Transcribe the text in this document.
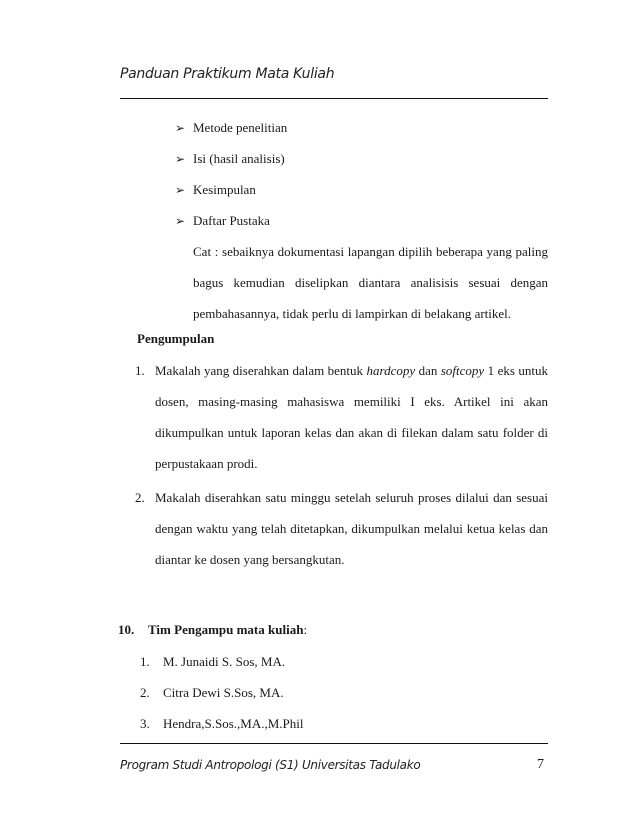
Panduan Praktikum Mata Kuliah
➢ Metode penelitian
➢ Isi (hasil analisis)
➢ Kesimpulan
➢ Daftar Pustaka
Cat : sebaiknya dokumentasi lapangan dipilih beberapa yang paling
bagus kemudian diselipkan diantara analisisis sesuai dengan
pembahasannya, tidak perlu di lampirkan di belakang artikel.
Pengumpulan
1. Makalah yang diserahkan dalam bentuk hardcopy dan softcopy 1 eks untuk
dosen, masing-masing mahasiswa memiliki I eks. Artikel ini akan
dikumpulkan untuk laporan kelas dan akan di filekan dalam satu folder di
perpustakaan prodi.
2. Makalah diserahkan satu minggu setelah seluruh proses dilalui dan sesuai
dengan waktu yang telah ditetapkan, dikumpulkan melalui ketua kelas dan
diantar ke dosen yang bersangkutan.
10. Tim Pengampu mata kuliah:
1. M. Junaidi S. Sos, MA.
2. Citra Dewi S.Sos, MA.
3. Hendra,S.Sos.,MA.,M.Phil
Program Studi Antropologi (S1) Universitas Tadulako	7
